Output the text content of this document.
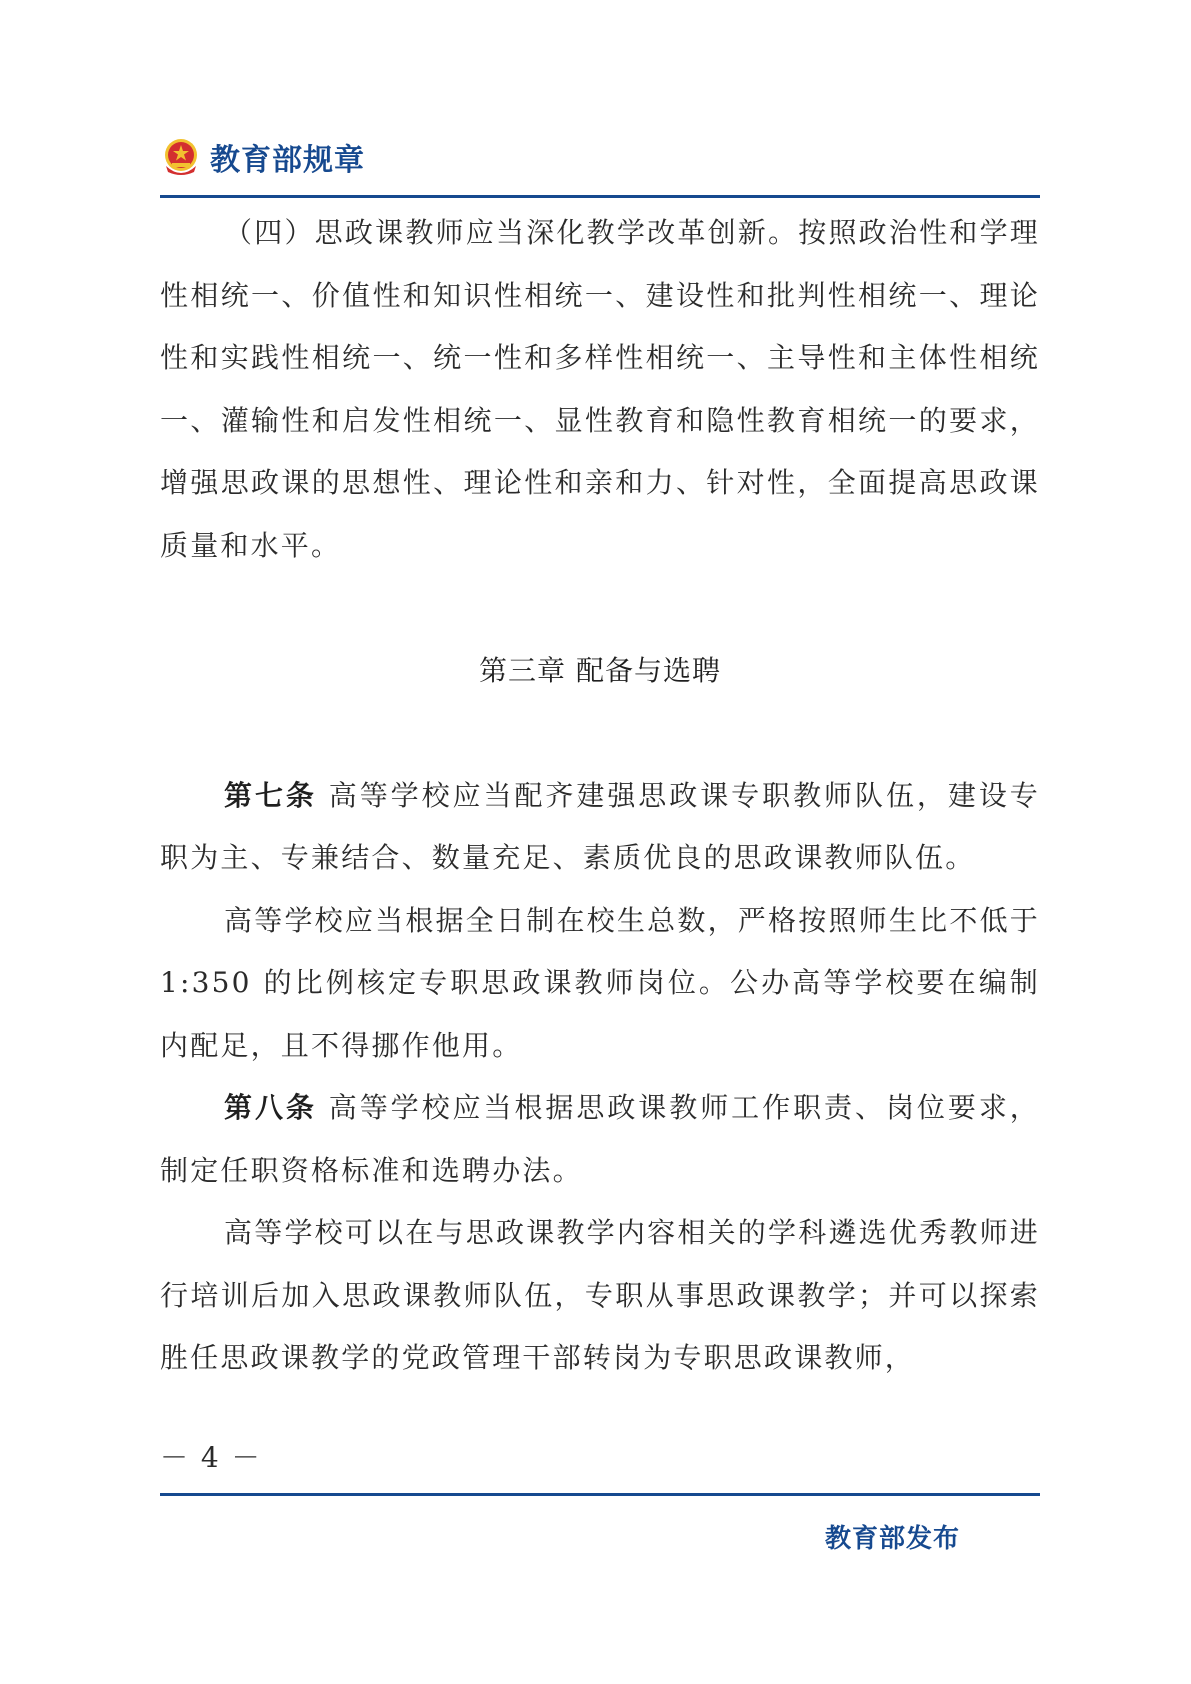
教育部规章

（四）思政课教师应当深化教学改革创新。按照政治性和学理性相统一、价值性和知识性相统一、建设性和批判性相统一、理论性和实践性相统一、统一性和多样性相统一、主导性和主体性相统一、灌输性和启发性相统一、显性教育和隐性教育相统一的要求，增强思政课的思想性、理论性和亲和力、针对性，全面提高思政课质量和水平。

第三章 配备与选聘

第七条 高等学校应当配齐建强思政课专职教师队伍，建设专职为主、专兼结合、数量充足、素质优良的思政课教师队伍。

高等学校应当根据全日制在校生总数，严格按照师生比不低于 1:350 的比例核定专职思政课教师岗位。公办高等学校要在编制内配足，且不得挪作他用。

第八条 高等学校应当根据思政课教师工作职责、岗位要求，制定任职资格标准和选聘办法。

高等学校可以在与思政课教学内容相关的学科遴选优秀教师进行培训后加入思政课教师队伍，专职从事思政课教学；并可以探索胜任思政课教学的党政管理干部转岗为专职思政课教师，

－ 4 －
教育部发布
